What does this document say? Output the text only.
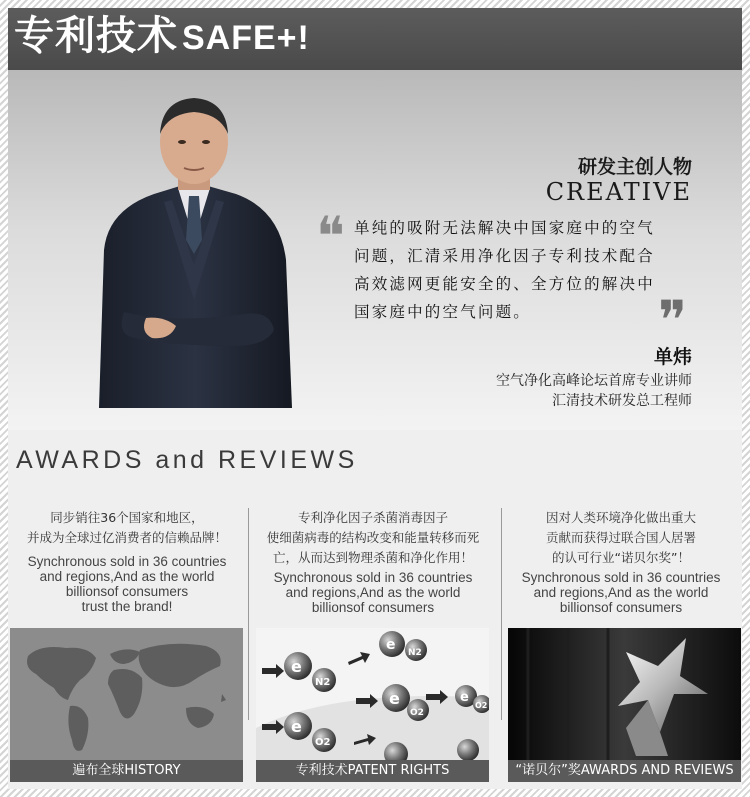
专利技术 SAFE+!
研发主创人物
CREATIVE
❝ 单纯的吸附无法解决中国家庭中的空气
问题，汇清采用净化因子专利技术配合
高效滤网更能安全的、全方位的解决中
国家庭中的空气问题。	❞
单炜
空气净化高峰论坛首席专业讲师
汇清技术研发总工程师
AWARDS and REVIEWS
同步销往36个国家和地区，
并成为全球过亿消费者的信赖品牌！
Synchronous sold in 36 countries
and regions,And as the world
billionsof consumers
trust the brand!
专利净化因子杀菌消毒因子
使细菌病毒的结构改变和能量转移而死
亡，从而达到物理杀菌和净化作用！
Synchronous sold in 36 countries
and regions,And as the world
billionsof consumers
因对人类环境净化做出重大
贡献而获得过联合国人居署
的认可行业“诺贝尔奖”！
Synchronous sold in 36 countries
and regions,And as the world
billionsof consumers
e
N2
e
O2
e N2
e
O2
e
O2
遍布全球HISTORY	专利技术PATENT RIGHTS	“诺贝尔”奖AWARDS AND REVIEWS
